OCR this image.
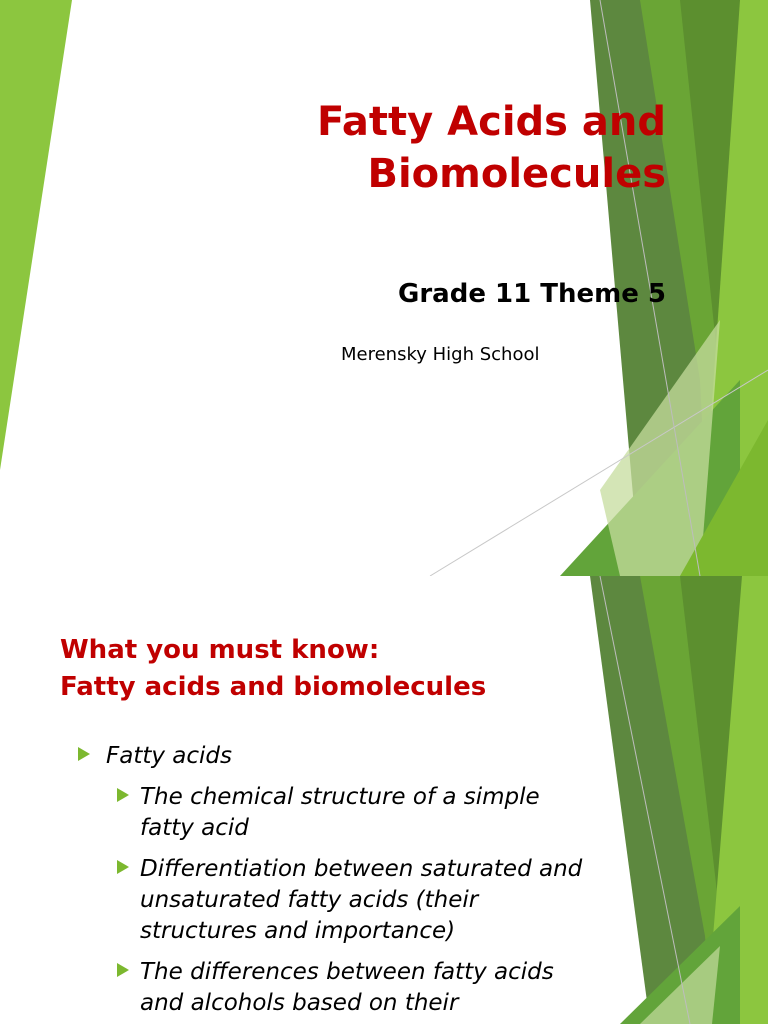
Fatty Acids and
Biomolecules

Grade 11 Theme 5

Merensky High School

What you must know:
Fatty acids and biomolecules
Fatty acids
The chemical structure of a simple fatty acid
Differentiation between saturated and unsaturated fatty acids (their structures and importance)
The differences between fatty acids and alcohols based on their
